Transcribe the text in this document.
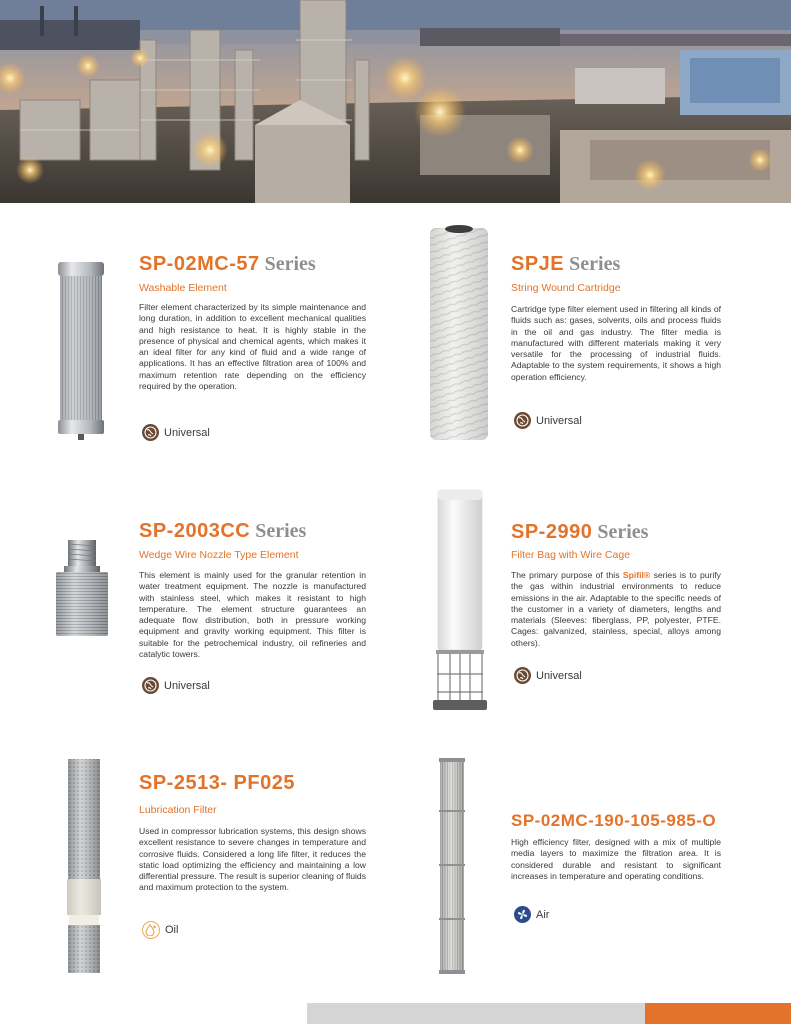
SP-02MC-57 Series
Washable Element

Filter element characterized by its simple maintenance and long duration, in addition to excellent mechanical qualities and high resistance to heat. It is highly stable in the presence of physical and chemical agents, which makes it an ideal filter for any kind of fluid and a wide range of applications. It has an effective filtration area of 100% and maximum retention rate depending on the efficiency required by the operation.

Universal
SPJE Series
String Wound Cartridge

Cartridge type filter element used in filtering all kinds of fluids such as: gases, solvents, oils and process fluids in the oil and gas industry. The filter media is manufactured with different materials making it very versatile for the processing of industrial fluids. Adaptable to the system requirements, it shows a high operation efficiency.

Universal
SP-2003CC Series
Wedge Wire Nozzle Type Element

This element is mainly used for the granular retention in water treatment equipment. The nozzle is manufactured with stainless steel, which makes it resistant to high temperature. The element structure guarantees an adequate flow distribution, both in pressure working equipment and gravity working equipment. This filter is suitable for the petrochemical industry, oil refineries and catalytic towers.

Universal
SP-2990 Series
Filter Bag with Wire Cage

The primary purpose of this Spifil® series is to purify the gas within industrial environments to reduce emissions in the air. Adaptable to the specific needs of the customer in a variety of diameters, lengths and materials (Sleeves: fiberglass, PP, polyester, PTFE. Cages: galvanized, stainless, special, alloys among others).

Universal
SP-2513- PF025
Lubrication Filter

Used in compressor lubrication systems, this design shows excellent resistance to severe changes in temperature and corrosive fluids. Considered a long life filter, it reduces the static load optimizing the efficiency and maintaining a low differential pressure. The result is superior cleaning of fluids and maximum protection to the system.

Oil
SP-02MC-190-105-985-O

High efficiency filter, designed with a mix of multiple media layers to maximize the filtration area. It is considered durable and resistant to significant increases in temperature and operating conditions.

Air
